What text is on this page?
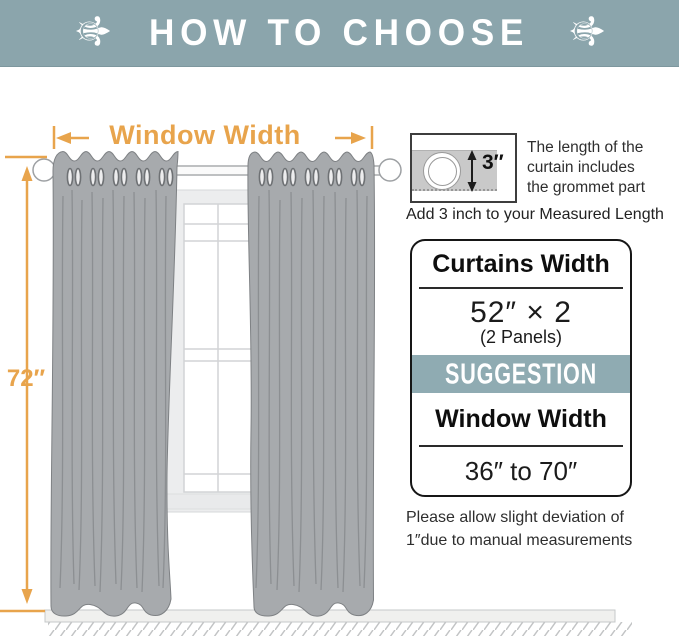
⚜ HOW TO CHOOSE ⚜
Window Width
72″
3″
The length of the
curtain includes
the grommet part
Add 3 inch to your Measured Length
Curtains Width
52″ × 2
(2 Panels)
SUGGESTION
Window Width
36″ to 70″
Please allow slight deviation of
1″due to manual measurements
